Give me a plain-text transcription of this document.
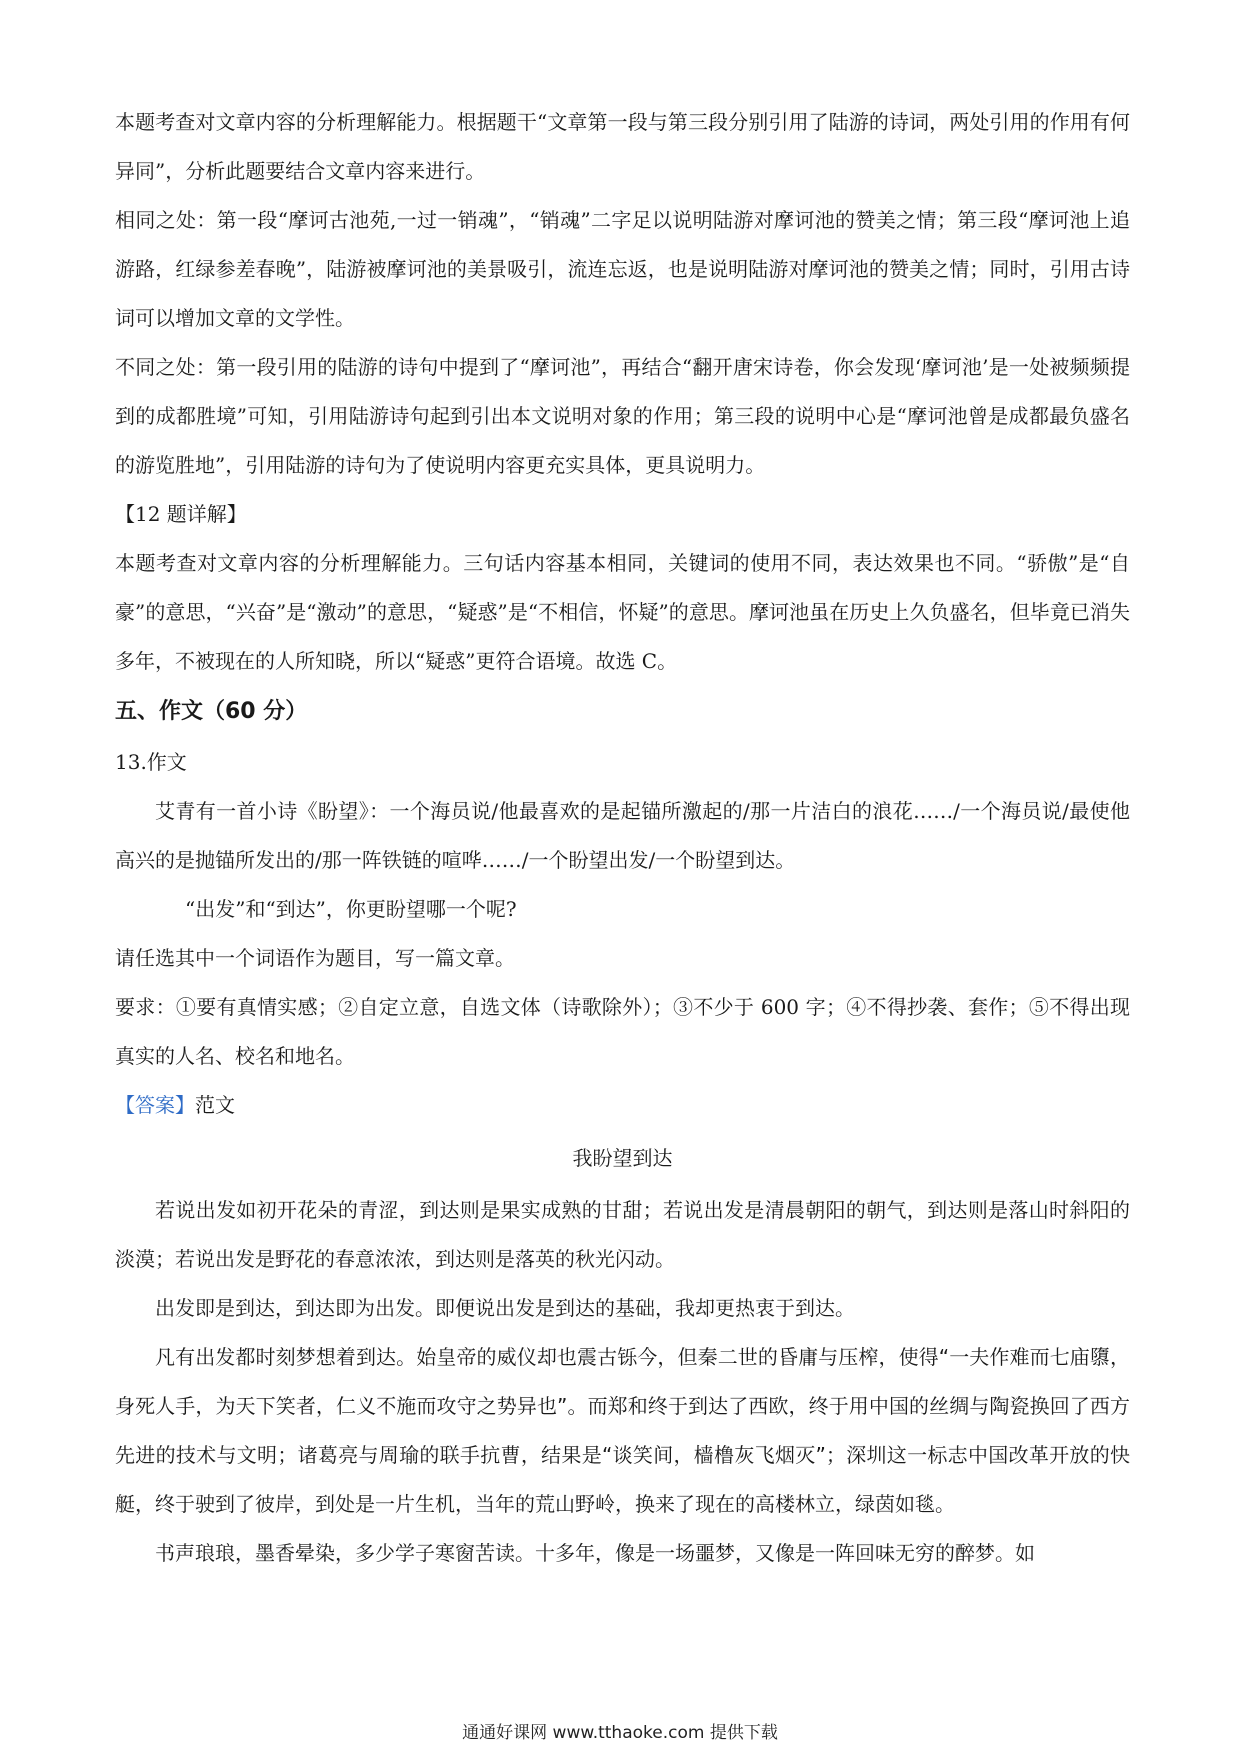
本题考查对文章内容的分析理解能力。根据题干“文章第一段与第三段分别引用了陆游的诗词，两处引用的作用有何异同”，分析此题要结合文章内容来进行。

相同之处：第一段“摩诃古池苑,一过一销魂”，“销魂”二字足以说明陆游对摩诃池的赞美之情；第三段“摩诃池上追游路，红绿参差春晚”，陆游被摩诃池的美景吸引，流连忘返，也是说明陆游对摩诃池的赞美之情；同时，引用古诗词可以增加文章的文学性。

不同之处：第一段引用的陆游的诗句中提到了“摩诃池”，再结合“翻开唐宋诗卷，你会发现‘摩诃池’是一处被频频提到的成都胜境”可知，引用陆游诗句起到引出本文说明对象的作用；第三段的说明中心是“摩诃池曾是成都最负盛名的游览胜地”，引用陆游的诗句为了使说明内容更充实具体，更具说明力。

【12 题详解】

本题考查对文章内容的分析理解能力。三句话内容基本相同，关键词的使用不同，表达效果也不同。“骄傲”是“自豪”的意思，“兴奋”是“激动”的意思，“疑惑”是“不相信，怀疑”的意思。摩诃池虽在历史上久负盛名，但毕竟已消失多年，不被现在的人所知晓，所以“疑惑”更符合语境。故选 C。

五、作文（60 分）

13.作文

艾青有一首小诗《盼望》：一个海员说/他最喜欢的是起锚所激起的/那一片洁白的浪花……/一个海员说/最使他高兴的是抛锚所发出的/那一阵铁链的喧哗……/一个盼望出发/一个盼望到达。

“出发”和“到达”，你更盼望哪一个呢?

请任选其中一个词语作为题目，写一篇文章。

要求：①要有真情实感；②自定立意，自选文体（诗歌除外）；③不少于 600 字；④不得抄袭、套作；⑤不得出现真实的人名、校名和地名。

【答案】范文

我盼望到达

若说出发如初开花朵的青涩，到达则是果实成熟的甘甜；若说出发是清晨朝阳的朝气，到达则是落山时斜阳的淡漠；若说出发是野花的春意浓浓，到达则是落英的秋光闪动。

出发即是到达，到达即为出发。即便说出发是到达的基础，我却更热衷于到达。

凡有出发都时刻梦想着到达。始皇帝的威仪却也震古铄今，但秦二世的昏庸与压榨，使得“一夫作难而七庙隳，身死人手，为天下笑者，仁义不施而攻守之势异也”。而郑和终于到达了西欧，终于用中国的丝绸与陶瓷换回了西方先进的技术与文明；诸葛亮与周瑜的联手抗曹，结果是“谈笑间，樯橹灰飞烟灭”；深圳这一标志中国改革开放的快艇，终于驶到了彼岸，到处是一片生机，当年的荒山野岭，换来了现在的高楼林立，绿茵如毯。

书声琅琅，墨香晕染，多少学子寒窗苦读。十多年，像是一场噩梦，又像是一阵回味无穷的醉梦。如

通通好课网 www.tthaoke.com 提供下载
